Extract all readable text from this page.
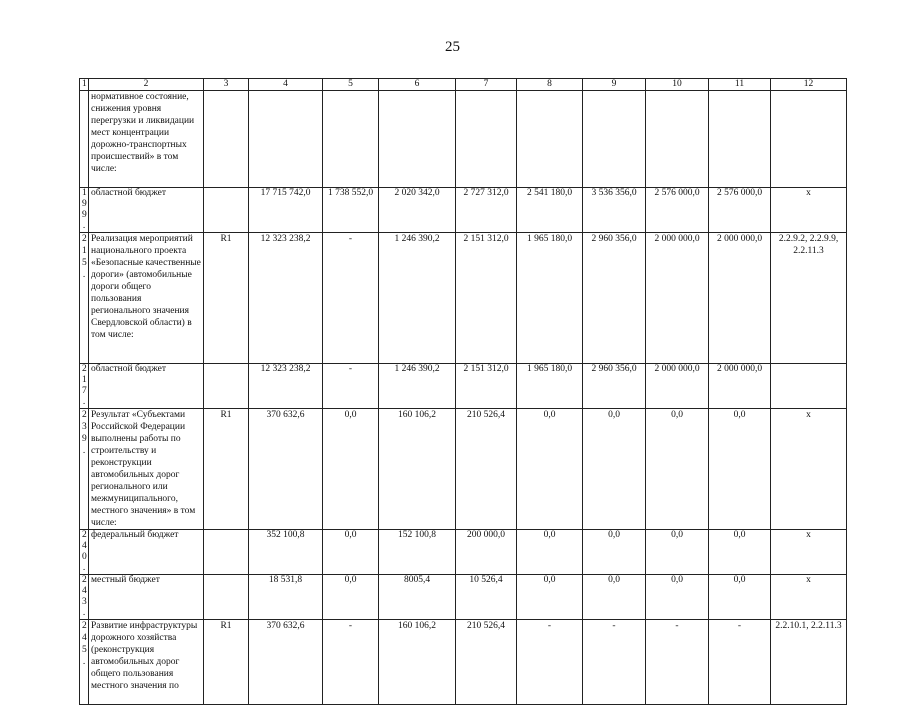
25
1	2	3	4	5	6	7	8	9	10	11	12
	нормативное состояние, снижения уровня перегрузки и ликвидации мест концентрации дорожно-транспортных происшествий» в том числе:										
199.	областной бюджет		17 715 742,0	1 738 552,0	2 020 342,0	2 727 312,0	2 541 180,0	3 536 356,0	2 576 000,0	2 576 000,0	х
215.	Реализация мероприятий национального проекта «Безопасные качественные дороги» (автомобильные дороги общего пользования регионального значения Свердловской области) в том числе:	R1	12 323 238,2	-	1 246 390,2	2 151 312,0	1 965 180,0	2 960 356,0	2 000 000,0	2 000 000,0	2.2.9.2, 2.2.9.9, 2.2.11.3
217.	областной бюджет		12 323 238,2	-	1 246 390,2	2 151 312,0	1 965 180,0	2 960 356,0	2 000 000,0	2 000 000,0	
239.	Результат «Субъектами Российской Федерации выполнены работы по строительству и реконструкции автомобильных дорог регионального или межмуниципального, местного значения» в том числе:	R1	370 632,6	0,0	160 106,2	210 526,4	0,0	0,0	0,0	0,0	х
240.	федеральный бюджет		352 100,8	0,0	152 100,8	200 000,0	0,0	0,0	0,0	0,0	х
243.	местный бюджет		18 531,8	0,0	8005,4	10 526,4	0,0	0,0	0,0	0,0	х
245.	Развитие инфраструктуры дорожного хозяйства (реконструкция автомобильных дорог общего пользования местного значения по	R1	370 632,6	-	160 106,2	210 526,4	-	-	-	-	2.2.10.1, 2.2.11.3
